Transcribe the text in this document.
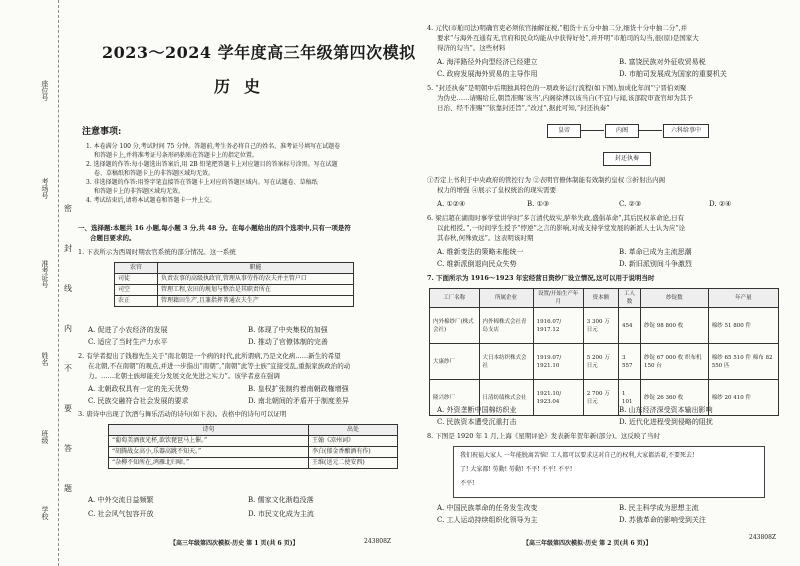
座位号
考场号
准考证号
姓名
班级
学校
密
封
线
内
不
要
答
题
2023～2024 学年度高三年级第四次模拟
历史
注意事项:
1. 本卷满分 100 分,考试时间 75 分钟。答题前,考生务必将自己的姓名、准考证号填写在试题卷
和答题卡上,并将准考证号条形码粘贴在答题卡上的指定位置。
2. 选择题的作答:每小题选出答案后,用 2B 铅笔把答题卡上对应题目的答案标号涂黑。写在试题
卷、草稿纸和答题卡上的非答题区域均无效。
3. 非选择题的作答:用签字笔直接答在答题卡上对应的答题区域内。写在试题卷、草稿纸
和答题卡上的非答题区域均无效。
4. 考试结束后,请将本试题卷和答题卡一并上交。
一、选择题:本题共 16 小题,每小题 3 分,共 48 分。在每小题给出的四个选项中,只有一项是符
合题目要求的。
1. 下表所示为西周时期农官系统的部分情况。这一系统
农官	职能
司徒	负责农事的高级执政官,管理从事劳作的农夫并主管户口
司空	管理工程,农田的规划与整治是其职责所在
农正	管理籍田生产,且兼指挥普通农夫生产
A. 促进了小农经济的发展	B. 体现了中央集权的加强
C. 适应了当时生产力水平	D. 推动了官僚体制的完善
2. 有学者提出了钱穆先生关于“南北朝是一个病的时代,此所谓病,乃是文化病……新生的希望
在北朝,不在南朝”的观点,并进一步指出“南朝”,“南朝”此等士族”宜接受乱,重振家族政治的动
力。……北朝士族却能充分发展文化先进之实力”。该学者意在强调
A. 北朝政权具有一定的先天优势	B. 皇权扩张制约着南朝政権增强
C. 民族交融符合社会发展的要求	D. 南北朝间的矛盾开于制度差异
3. 唐诗中出现了饮酒与舞乐活动的诗句(如下表)。表格中的诗句可以证明
诗句	出处
“葡萄美酒夜光杯,欲饮琵琶马上催。”	王翰《凉州词》
“胡腾战女高小,乐器高跳不知天。”	李白(郁金香酿酒有作)
“杂柳不知所在,鸿雁北归啼。”	王维(送元二使安西)
A. 中外交流日益频繁	B. 儒家文化渐趋没落
C. 社会风气包容开放	D. 市民文化成为主流
【高三年级第四次模拟·历史 第 1 页(共 6 页)】	243808Z
4. 元代(市舶司法)明确官吏必须依官抽解征税,“粗货十五分中抽二分,细货十分中抽二分”,并
要求“与海外互通有无,官府和民众均能从中获得好处”,并开明“市舶司的勾当,很(原)是国家大
得济的勾当”。这些材料
A. 海洋路径外向型经济已经建立	B. 富饶民族对外征收贸易税
C. 政府发展海外贸易的主导作用	D. 市舶司发展成为国家的重要机关
5. “封还执奏”是明朝中后期独具特色的一项政务运行流程(如下图),加成化年间“宁晋伯刘聚
为伪史……请赐给丘,朝旨准赐‘该当’,内阁徐溥以该当自(不宜)与闻,该部院审查官却为其予
日治、经不准赐”“依靠封还旨”,“改过”,据此可知,“封还执奏”
皇帝	内阁	六科给事中
封还执奏
①否定上书利于中央政府的管控行为 ②表明官僚体制能有效制约皇权 ③折射出内阁
权力的增强 ④展示了皇权统治的现实需要
A. ①②④	B. ①③	C. ②③	D. ②④
6. 梁启超在湖南时事学堂讲学时“多言清代故实,胪举失政,盛倡革命”,其后民权革命论,日有
以此相授。”,一时间学生授予“悖逆”之言的影响,对成支持学堂发展的新派人士认为应“诠
其春秋,何殊致远”。这表明该时期
A. 维新变法的策略未能统一	B. 革命已成为主流思潮
C. 维新派倒退向民众失势	D. 新旧派别间斗争激烈
7. 下面所示为 1916～1923 年宏经营日资纱厂设立情况,这可以用于说明当时
工厂名称	所属企业	设置/开始生产年月	资本额	工人数	纱锭数	年产量
内外棉纱厂(株式会社)	内外棉株式会社青岛支店	1916.07/ 1917.12	3 300 万日元	454	纱锭 98 800 枚	棉纱 51 800 件
大康纱厂	大日本纺织株式会社	1919.07/ 1921.10	5 200 万日元	3 557	纱锭 67 000 枚 织布机 150 台	棉纱 65 510 件 棉布 82 550 匹
隆兴纱厂	日清纺绩株式会社	1921.10/ 1923.04	2 700 万日元	1 101	纱锭 26 360 枚	棉纱 20 410 件
A. 外资垄断中国棉纺织业	B. 山东经济深受资本输出影响
C. 民族资本遭受沉重打击	D. 近代化进程受到侵略的阻扰
8. 下图是 1920 年 1 月,上海《星期评论》发表新年贺年新(部分)。这反映了当时
我们祝福大家人 一年能脱离苦恼! 工人都可以要求这对自己的权利,大家都活着,不要死去!
了! 大家都! 勞動! 勞動! 不平! 不平! 不平!
不平!
A. 中国民族革命的任务发生改变	B. 民主科学成为思想主流
C. 工人运动持续组织化领导为主	D. 苏俄革命的影响受到关注
【高三年级第四次模拟·历史 第 2 页(共 6 页)】
243808Z
